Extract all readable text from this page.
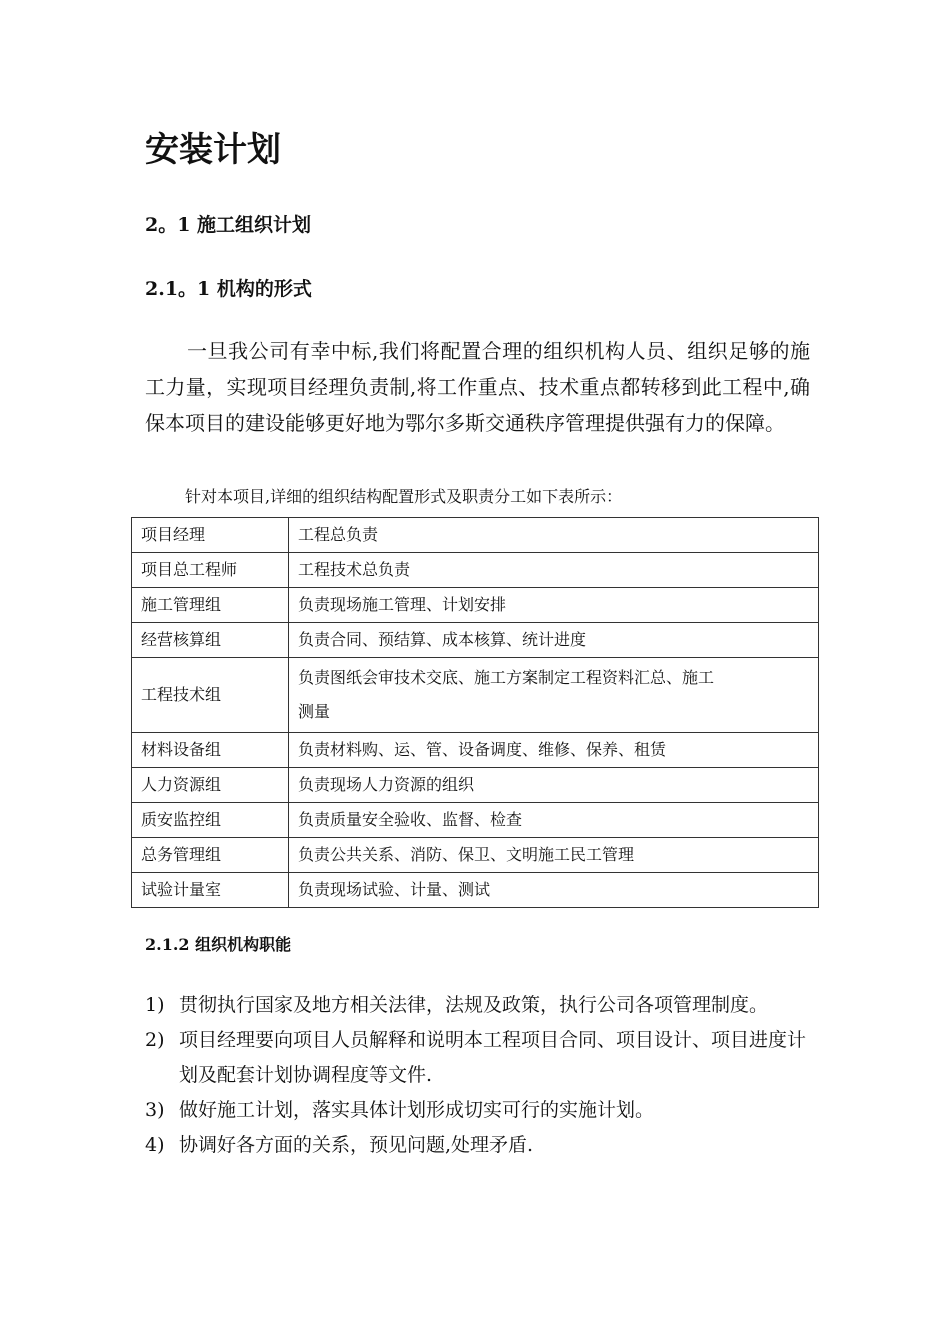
安装计划
2。1 施工组织计划
2.1。1 机构的形式

一旦我公司有幸中标,我们将配置合理的组织机构人员、组织足够的施工力量，实现项目经理负责制,将工作重点、技术重点都转移到此工程中,确保本项目的建设能够更好地为鄂尔多斯交通秩序管理提供强有力的保障。

针对本项目,详细的组织结构配置形式及职责分工如下表所示：

项目经理	工程总负责
项目总工程师	工程技术总负责
施工管理组	负责现场施工管理、计划安排
经营核算组	负责合同、预结算、成本核算、统计进度
工程技术组	负责图纸会审技术交底、施工方案制定工程资料汇总、施工
测量

材料设备组	负责材料购、运、管、设备调度、维修、保养、租赁
人力资源组	负责现场人力资源的组织
质安监控组	负责质量安全验收、监督、检查
总务管理组	负责公共关系、消防、保卫、文明施工民工管理
试验计量室	负责现场试验、计量、测试
2.1.2 组织机构职能
1) 贯彻执行国家及地方相关法律，法规及政策，执行公司各项管理制度。
2) 项目经理要向项目人员解释和说明本工程项目合同、项目设计、项目进度计划及配套计划协调程度等文件.
3) 做好施工计划，落实具体计划形成切实可行的实施计划。
4) 协调好各方面的关系，预见问题,处理矛盾.
